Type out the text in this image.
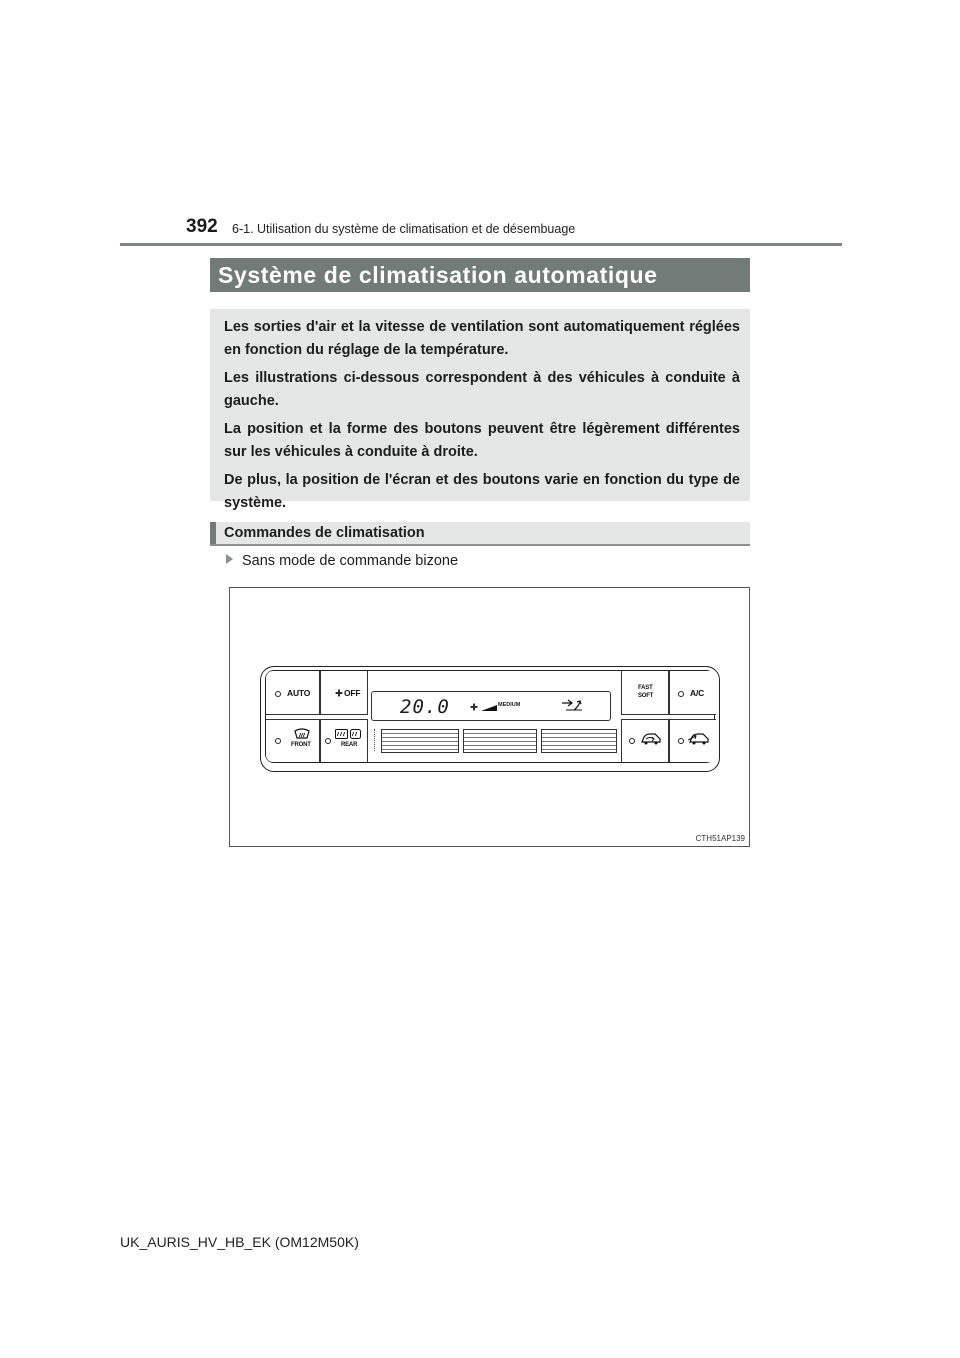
392 6-1. Utilisation du système de climatisation et de désembuage
Système de climatisation automatique

Les sorties d'air et la vitesse de ventilation sont automatiquement réglées en fonction du réglage de la température.

Les illustrations ci-dessous correspondent à des véhicules à conduite à gauche.

La position et la forme des boutons peuvent être légèrement différentes sur les véhicules à conduite à droite.

De plus, la position de l'écran et des boutons varie en fonction du type de système.

Commandes de climatisation
Sans mode de commande bizone
AUTO	OFF
FRONT	REAR
20.0	MEDIUM
FAST
SOFT	A/C
CTH51AP139
UK_AURIS_HV_HB_EK (OM12M50K)
